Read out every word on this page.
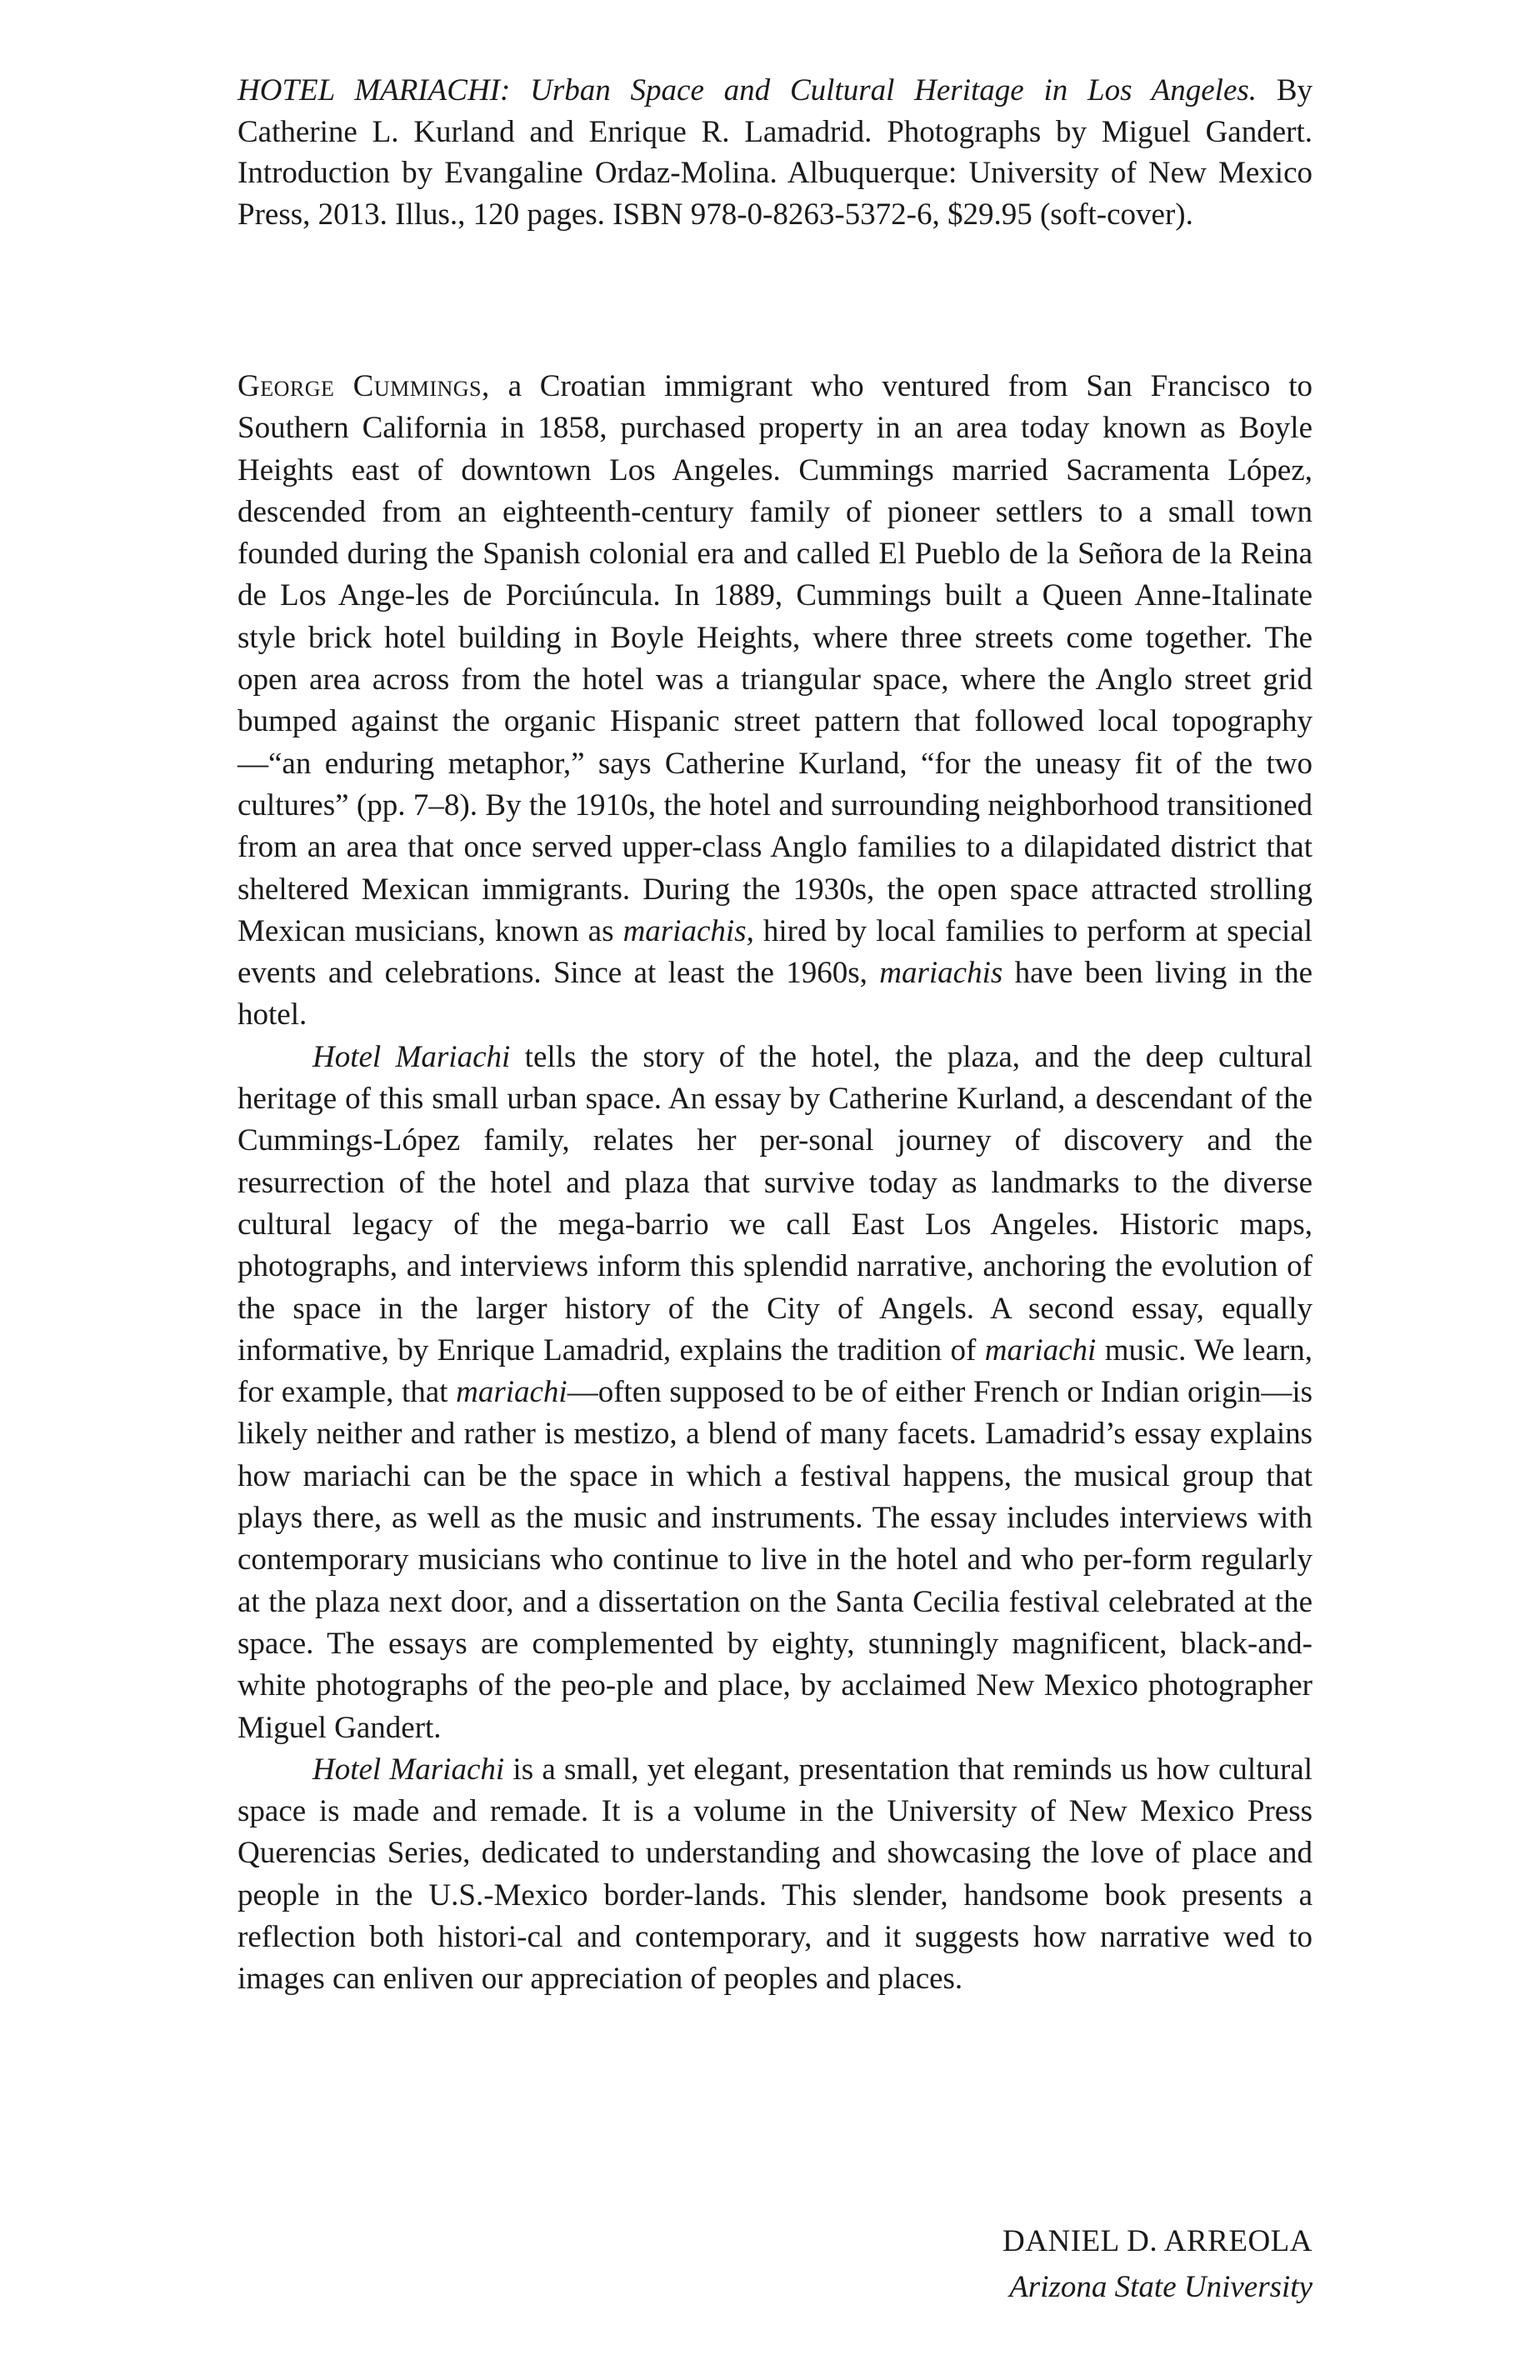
HOTEL MARIACHI: Urban Space and Cultural Heritage in Los Angeles. By Catherine L. Kurland and Enrique R. Lamadrid. Photographs by Miguel Gandert. Introduction by Evangaline Ordaz-Molina. Albuquerque: University of New Mexico Press, 2013. Illus., 120 pages. ISBN 978-0-8263-5372-6, $29.95 (soft-cover).

George Cummings, a Croatian immigrant who ventured from San Francisco to Southern California in 1858, purchased property in an area today known as Boyle Heights east of downtown Los Angeles. Cummings married Sacramenta López, descended from an eighteenth-century family of pioneer settlers to a small town founded during the Spanish colonial era and called El Pueblo de la Señora de la Reina de Los Ange-les de Porciúncula. In 1889, Cummings built a Queen Anne-Italinate style brick hotel building in Boyle Heights, where three streets come together. The open area across from the hotel was a triangular space, where the Anglo street grid bumped against the organic Hispanic street pattern that followed local topography—“an enduring metaphor,” says Catherine Kurland, “for the uneasy fit of the two cultures” (pp. 7–8). By the 1910s, the hotel and surrounding neighborhood transitioned from an area that once served upper-class Anglo families to a dilapidated district that sheltered Mexican immigrants. During the 1930s, the open space attracted strolling Mexican musicians, known as mariachis, hired by local families to perform at special events and celebrations. Since at least the 1960s, mariachis have been living in the hotel.

Hotel Mariachi tells the story of the hotel, the plaza, and the deep cultural heritage of this small urban space. An essay by Catherine Kurland, a descendant of the Cummings-López family, relates her per-sonal journey of discovery and the resurrection of the hotel and plaza that survive today as landmarks to the diverse cultural legacy of the mega-barrio we call East Los Angeles. Historic maps, photographs, and interviews inform this splendid narrative, anchoring the evolution of the space in the larger history of the City of Angels. A second essay, equally informative, by Enrique Lamadrid, explains the tradition of mariachi music. We learn, for example, that mariachi—often supposed to be of either French or Indian origin—is likely neither and rather is mestizo, a blend of many facets. Lamadrid’s essay explains how mariachi can be the space in which a festival happens, the musical group that plays there, as well as the music and instruments. The essay includes interviews with contemporary musicians who continue to live in the hotel and who per-form regularly at the plaza next door, and a dissertation on the Santa Cecilia festival celebrated at the space. The essays are complemented by eighty, stunningly magnificent, black-and-white photographs of the peo-ple and place, by acclaimed New Mexico photographer Miguel Gandert.

Hotel Mariachi is a small, yet elegant, presentation that reminds us how cultural space is made and remade. It is a volume in the University of New Mexico Press Querencias Series, dedicated to understanding and showcasing the love of place and people in the U.S.-Mexico border-lands. This slender, handsome book presents a reflection both histori-cal and contemporary, and it suggests how narrative wed to images can enliven our appreciation of peoples and places.

DANIEL D. ARREOLA
Arizona State University
